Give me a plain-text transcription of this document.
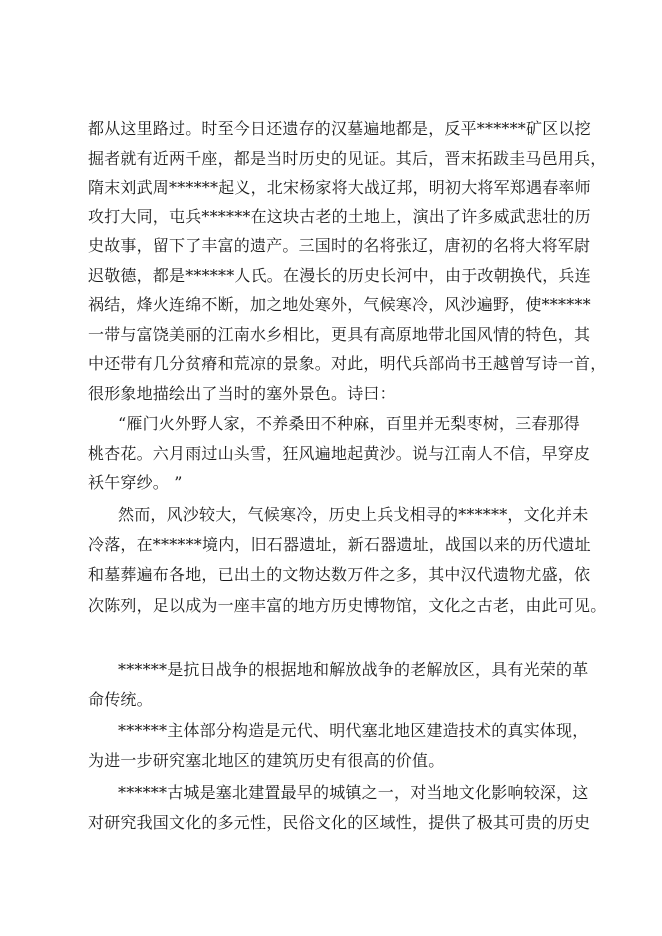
都从这里路过。时至今日还遗存的汉墓遍地都是，反平******矿区以挖
掘者就有近两千座，都是当时历史的见证。其后，晋末拓跋圭马邑用兵，
隋末刘武周******起义，北宋杨家将大战辽邦，明初大将军郑遇春率师
攻打大同，屯兵******在这块古老的土地上，演出了许多威武悲壮的历
史故事，留下了丰富的遗产。三国时的名将张辽，唐初的名将大将军尉
迟敬德，都是******人氏。在漫长的历史长河中，由于改朝换代，兵连
祸结，烽火连绵不断，加之地处寒外，气候寒冷，风沙遍野，使******
一带与富饶美丽的江南水乡相比，更具有高原地带北国风情的特色，其
中还带有几分贫瘠和荒凉的景象。对此，明代兵部尚书王越曾写诗一首，
很形象地描绘出了当时的塞外景色。诗曰：
“雁门火外野人家，不养桑田不种麻，百里并无梨枣树，三春那得
桃杏花。六月雨过山头雪，狂风遍地起黄沙。说与江南人不信，早穿皮
袄午穿纱。 ”
然而，风沙较大，气候寒冷，历史上兵戈相寻的******，文化并未
冷落，在******境内，旧石器遗址，新石器遗址，战国以来的历代遗址
和墓葬遍布各地，已出土的文物达数万件之多，其中汉代遗物尤盛，依
次陈列，足以成为一座丰富的地方历史博物馆，文化之古老，由此可见。
******是抗日战争的根据地和解放战争的老解放区，具有光荣的革
命传统。
******主体部分构造是元代、明代塞北地区建造技术的真实体现，
为进一步研究塞北地区的建筑历史有很高的价值。
******古城是塞北建置最早的城镇之一，对当地文化影响较深，这
对研究我国文化的多元性，民俗文化的区域性，提供了极其可贵的历史
